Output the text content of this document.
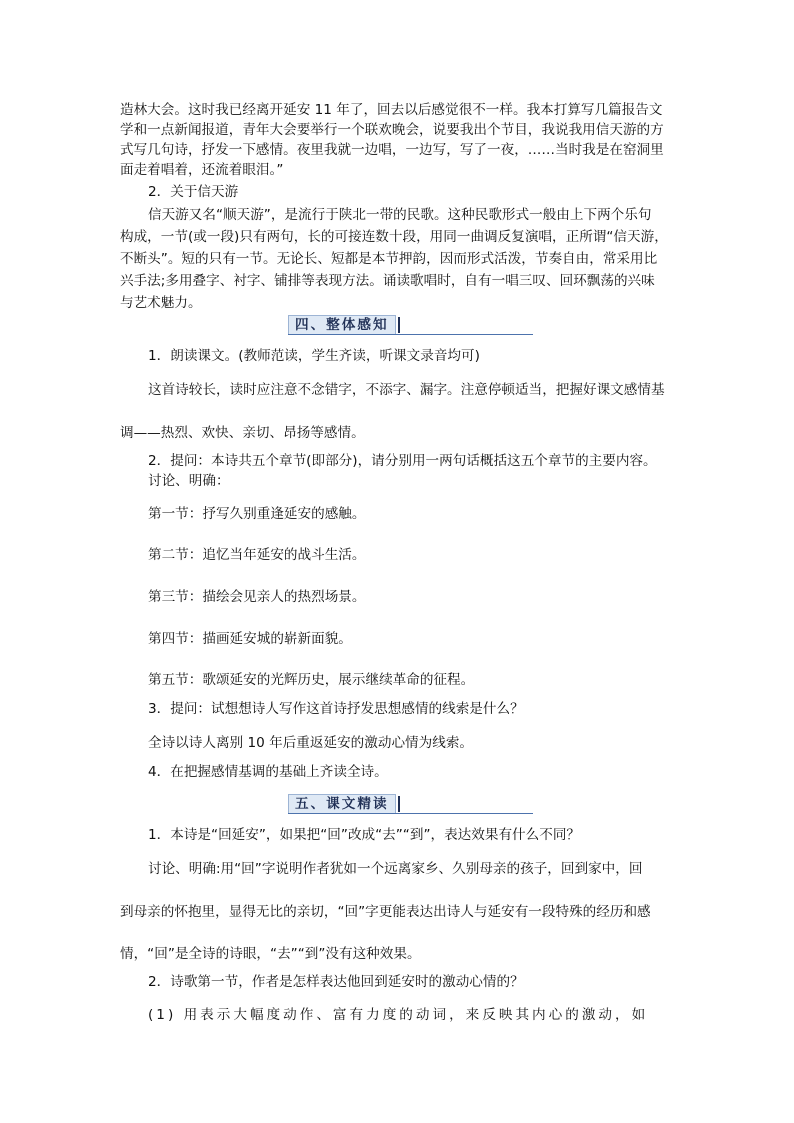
造林大会。这时我已经离开延安 11 年了，回去以后感觉很不一样。我本打算写几篇报告文
学和一点新闻报道，青年大会要举行一个联欢晚会，说要我出个节目，我说我用信天游的方
式写几句诗，抒发一下感情。夜里我就一边唱，一边写，写了一夜，……当时我是在窑洞里
面走着唱着，还流着眼泪。”
2．关于信天游
信天游又名“顺天游”，是流行于陕北一带的民歌。这种民歌形式一般由上下两个乐句
构成，一节(或一段)只有两句，长的可接连数十段，用同一曲调反复演唱，正所谓“信天游，
不断头”。短的只有一节。无论长、短都是本节押韵，因而形式活泼，节奏自由，常采用比
兴手法;多用叠字、衬字、铺排等表现方法。诵读歌唱时，自有一唱三叹、回环飘荡的兴味
与艺术魅力。
四、整体感知
1．朗读课文。(教师范读，学生齐读，听课文录音均可)
这首诗较长，读时应注意不念错字，不添字、漏字。注意停顿适当，把握好课文感情基
调——热烈、欢快、亲切、昂扬等感情。
2．提问：本诗共五个章节(即部分)，请分别用一两句话概括这五个章节的主要内容。
讨论、明确：
第一节：抒写久别重逢延安的感触。
第二节：追忆当年延安的战斗生活。
第三节：描绘会见亲人的热烈场景。
第四节：描画延安城的崭新面貌。
第五节：歌颂延安的光辉历史，展示继续革命的征程。
3．提问：试想想诗人写作这首诗抒发思想感情的线索是什么？
全诗以诗人离别 10 年后重返延安的激动心情为线索。
4．在把握感情基调的基础上齐读全诗。
五、课文精读
1．本诗是“回延安”，如果把“回”改成“去”“到”，表达效果有什么不同？
讨论、明确:用“回”字说明作者犹如一个远离家乡、久别母亲的孩子，回到家中，回
到母亲的怀抱里，显得无比的亲切，“回”字更能表达出诗人与延安有一段特殊的经历和感
情，“回”是全诗的诗眼，“去”“到”没有这种效果。
2．诗歌第一节，作者是怎样表达他回到延安时的激动心情的？
(1) 用表示大幅度动作、富有力度的动词，来反映其内心的激动，如
